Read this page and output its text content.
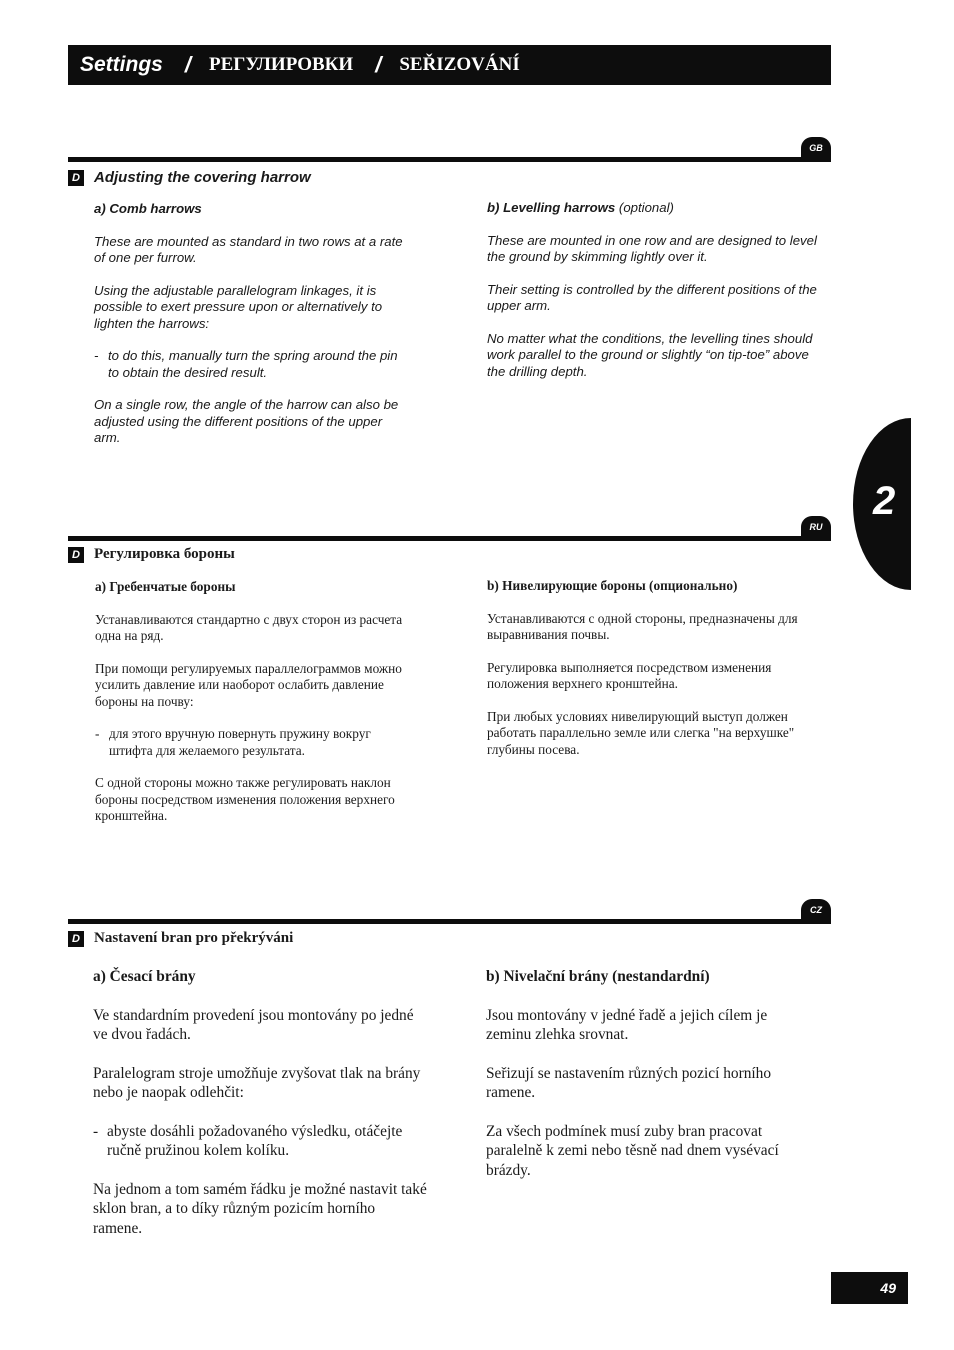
Settings / РЕГУЛИРОВКИ / SEŘIZOVÁNÍ
2
GB
D Adjusting the covering harrow
a) Comb harrows

These are mounted as standard in two rows at a rate of one per furrow.

Using the adjustable parallelogram linkages, it is possible to exert pressure upon or alternatively to lighten the harrows:

- to do this, manually turn the spring around the pin to obtain the desired result.

On a single row, the angle of the harrow can also be adjusted using the different positions of the upper arm.

b) Levelling harrows (optional)

These are mounted in one row and are designed to level the ground by skimming lightly over it.

Their setting is controlled by the different positions of the upper arm.

No matter what the conditions, the levelling tines should work parallel to the ground or slightly “on tip-toe” above the drilling depth.

RU
D Регулировка бороны
a) Гребенчатые бороны

Устанавливаются стандартно с двух сторон из расчета одна на ряд.

При помощи регулируемых параллелограммов можно усилить давление или наоборот ослабить давление бороны на почву:

- для этого вручную повернуть пружину вокруг штифта для желаемого результата.

С одной стороны можно также регулировать наклон бороны посредством изменения положения верхнего кронштейна.

b) Нивелирующие бороны (опционально)

Устанавливаются с одной стороны, предназначены для выравнивания почвы.

Регулировка выполняется посредством изменения положения верхнего кронштейна.

При любых условиях нивелирующий выступ должен работать параллельно земле или слегка "на верхушке" глубины посева.

CZ
D Nastavení bran pro překrýváni
a) Česací brány

Ve standardním provedení jsou montovány po jedné ve dvou řadách.

Paralelogram stroje umožňuje zvyšovat tlak na brány nebo je naopak odlehčit:

- abyste dosáhli požadovaného výsledku, otáčejte ručně pružinou kolem kolíku.

Na jednom a tom samém řádku je možné nastavit také sklon bran, a to díky různým pozicím horního ramene.

b) Nivelační brány (nestandardní)

Jsou montovány v jedné řadě a jejich cílem je zeminu zlehka srovnat.

Seřizují se nastavením různých pozicí horního ramene.

Za všech podmínek musí zuby bran pracovat paralelně k zemi nebo těsně nad dnem vysévací brázdy.

49
